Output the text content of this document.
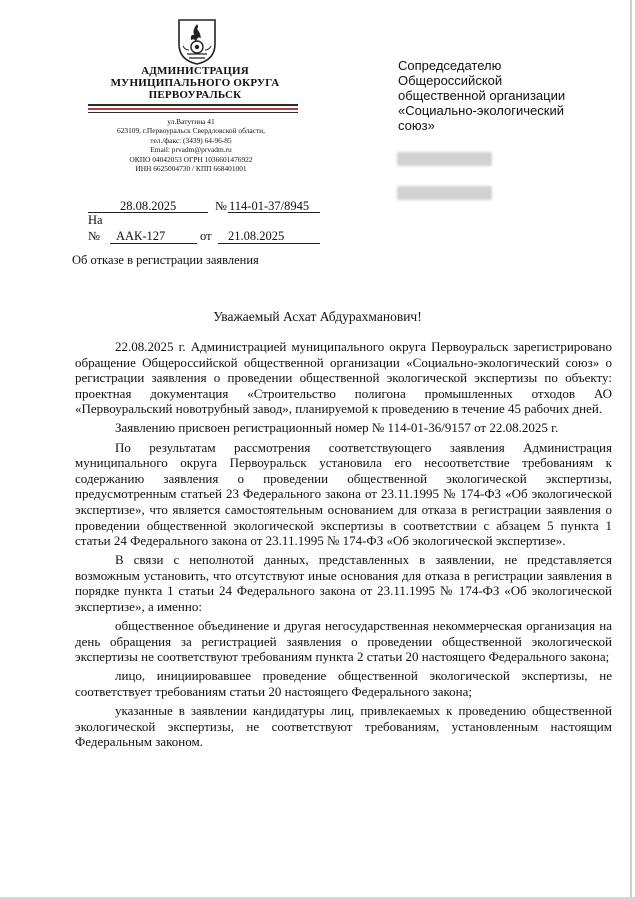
АДМИНИСТРАЦИЯ
МУНИЦИПАЛЬНОГО ОКРУГА
ПЕРВОУРАЛЬСК
ул.Ватутина 41
623109, г.Первоуральск Свердловской области,
тел./факс: (3439) 64-96-85
Email: prvadm@prvadm.ru
ОКПО 04042053 ОГРН 1036601476922
ИНН 6625004730 / КПП 668401001
Сопредседателю
Общероссийской
общественной организации
«Социально-экологический
союз»
28.08.2025	№ 114-01-37/8945
На
№ ААК-127	от 21.08.2025
Об отказе в регистрации заявления
Уважаемый Асхат Абдурахманович!

22.08.2025 г. Администрацией муниципального округа Первоуральск зарегистрировано обращение Общероссийской общественной организации «Социально-экологический союз» о регистрации заявления о проведении общественной экологической экспертизы по объекту: проектная документация «Строительство полигона промышленных отходов АО «Первоуральский новотрубный завод», планируемой к проведению в течение 45 рабочих дней.

Заявлению присвоен регистрационный номер № 114-01-36/9157 от 22.08.2025 г.

По результатам рассмотрения соответствующего заявления Администрация муниципального округа Первоуральск установила его несоответствие требованиям к содержанию заявления о проведении общественной экологической экспертизы, предусмотренным статьей 23 Федерального закона от 23.11.1995 № 174-ФЗ «Об экологической экспертизе», что является самостоятельным основанием для отказа в регистрации заявления о проведении общественной экологической экспертизы в соответствии с абзацем 5 пункта 1 статьи 24 Федерального закона от 23.11.1995 № 174-ФЗ «Об экологической экспертизе».

В связи с неполнотой данных, представленных в заявлении, не представляется возможным установить, что отсутствуют иные основания для отказа в регистрации заявления в порядке пункта 1 статьи 24 Федерального закона от 23.11.1995 № 174-ФЗ «Об экологической экспертизе», а именно:

общественное объединение и другая негосударственная некоммерческая организация на день обращения за регистрацией заявления о проведении общественной экологической экспертизы не соответствуют требованиям пункта 2 статьи 20 настоящего Федерального закона;

лицо, инициировавшее проведение общественной экологической экспертизы, не соответствует требованиям статьи 20 настоящего Федерального закона;

указанные в заявлении кандидатуры лиц, привлекаемых к проведению общественной экологической экспертизы, не соответствуют требованиям, установленным настоящим Федеральным законом.
